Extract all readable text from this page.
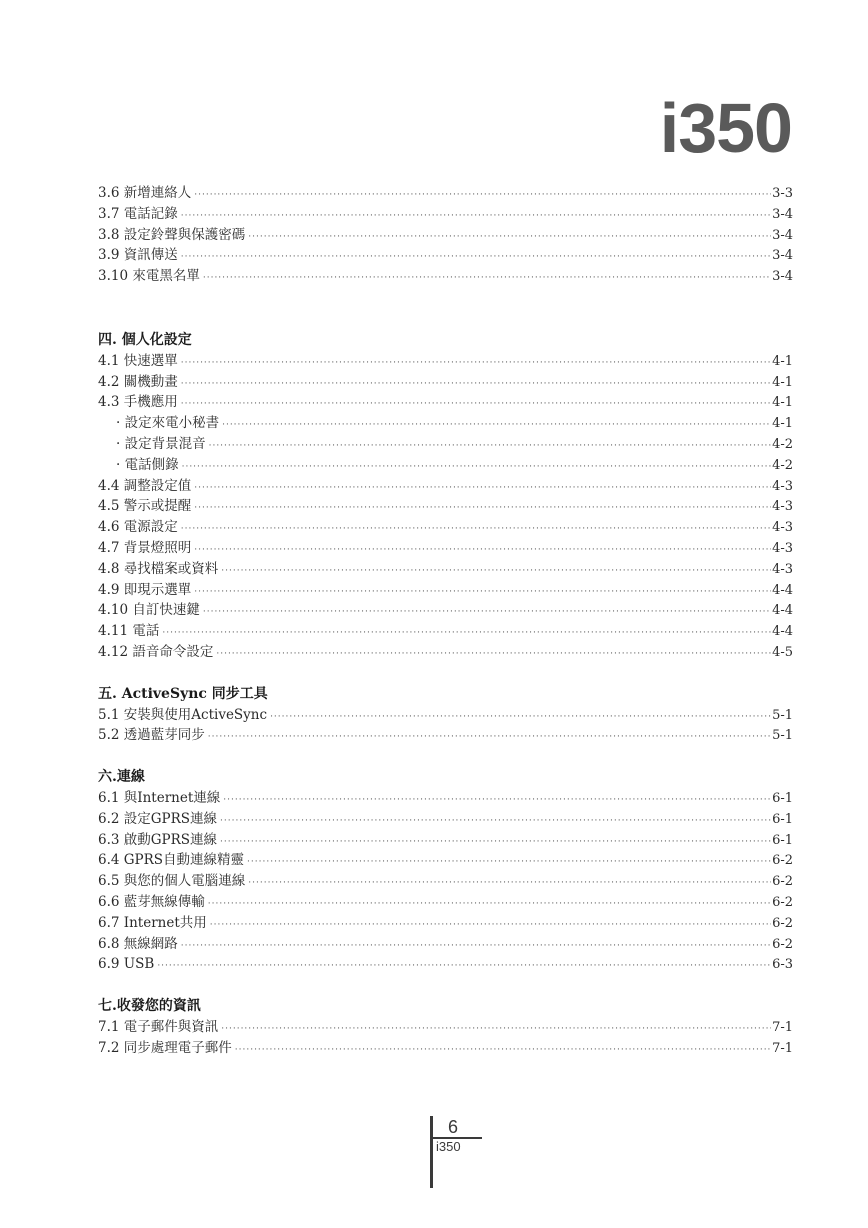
i350
3.6 新增連絡人 ·····	3-3
3.7 電話記錄 ·····	3-4
3.8 設定鈴聲與保護密碼 ·····	3-4
3.9 資訊傳送 ·····	3-4
3.10 來電黑名單 ·····	3-4
四. 個人化設定
4.1 快速選單 ·····	4-1
4.2 關機動畫 ·····	4-1
4.3 手機應用 ·····	4-1
· 設定來電小秘書 ·····	4-1
· 設定背景混音 ·····	4-2
· 電話側錄 ·····	4-2
4.4 調整設定值 ·····	4-3
4.5 警示或提醒 ·····	4-3
4.6 電源設定 ·····	4-3
4.7 背景燈照明 ·····	4-3
4.8 尋找檔案或資料 ·····	4-3
4.9 即現示選單 ·····	4-4
4.10 自訂快速鍵 ·····	4-4
4.11 電話 ·····	4-4
4.12 語音命令設定 ·····	4-5
五. ActiveSync 同步工具
5.1 安裝與使用ActiveSync ·····	5-1
5.2 透過藍芽同步 ·····	5-1
六.連線
6.1 與Internet連線 ·····	6-1
6.2 設定GPRS連線 ·····	6-1
6.3 啟動GPRS連線 ·····	6-1
6.4 GPRS自動連線精靈 ·····	6-2
6.5 與您的個人電腦連線 ·····	6-2
6.6 藍芽無線傳輸 ·····	6-2
6.7 Internet共用 ·····	6-2
6.8 無線網路 ·····	6-2
6.9 USB ·····	6-3
七.收發您的資訊
7.1 電子郵件與資訊 ·····	7-1
7.2 同步處理電子郵件 ·····	7-1
6
i350
